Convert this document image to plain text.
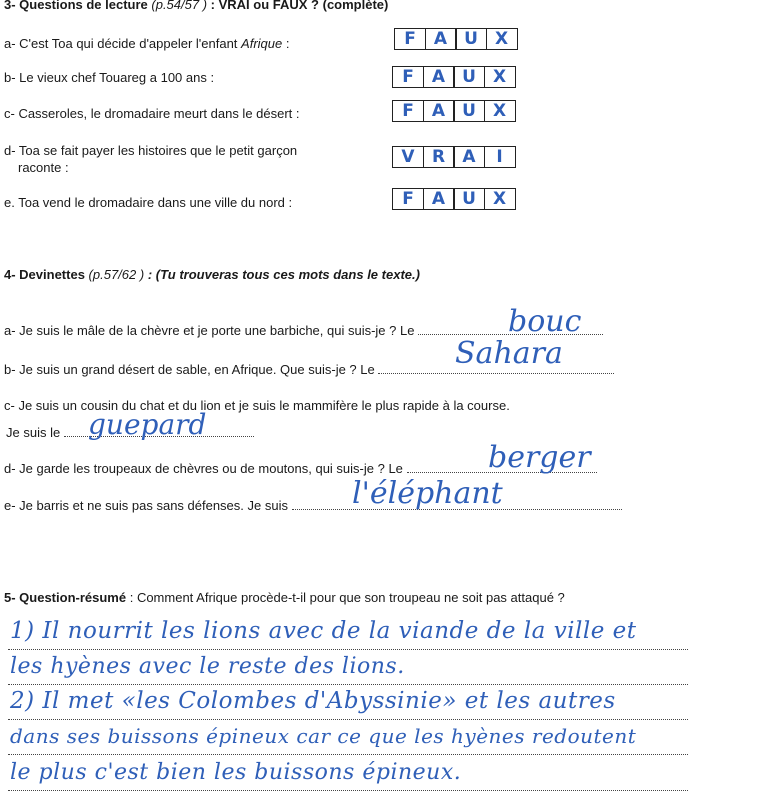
3- Questions de lecture (p.54/57 ) : VRAI ou FAUX ? (complète)
a- C'est Toa qui décide d'appeler l'enfant Afrique :	F	A	U	X
b- Le vieux chef Touareg a 100 ans :	F	A	U	X
c- Casseroles, le dromadaire meurt dans le désert :	F	A	U	X
d- Toa se fait payer les histoires que le petit garçon
raconte :
V	R	A	I
e. Toa vend le dromadaire dans une ville du nord :	F	A	U	X
4- Devinettes (p.57/62 ) : (Tu trouveras tous ces mots dans le texte.)
a- Je suis le mâle de la chèvre et je porte une barbiche, qui suis-je ? Le	bouc
b- Je suis un grand désert de sable, en Afrique. Que suis-je ? Le	Sahara
c- Je suis un cousin du chat et du lion et je suis le mammifère le plus rapide à la course.
Je suis le guepard
d- Je garde les troupeaux de chèvres ou de moutons, qui suis-je ? Le	berger
e- Je barris et ne suis pas sans défenses. Je suis	l'éléphant
5- Question-résumé : Comment Afrique procède-t-il pour que son troupeau ne soit pas attaqué ?
1) Il nourrit les lions avec de la viande de la ville et
les hyènes avec le reste des lions.
2) Il met «les Colombes d'Abyssinie» et les autres
dans ses buissons épineux car ce que les hyènes redoutent
le plus c'est bien les buissons épineux.
